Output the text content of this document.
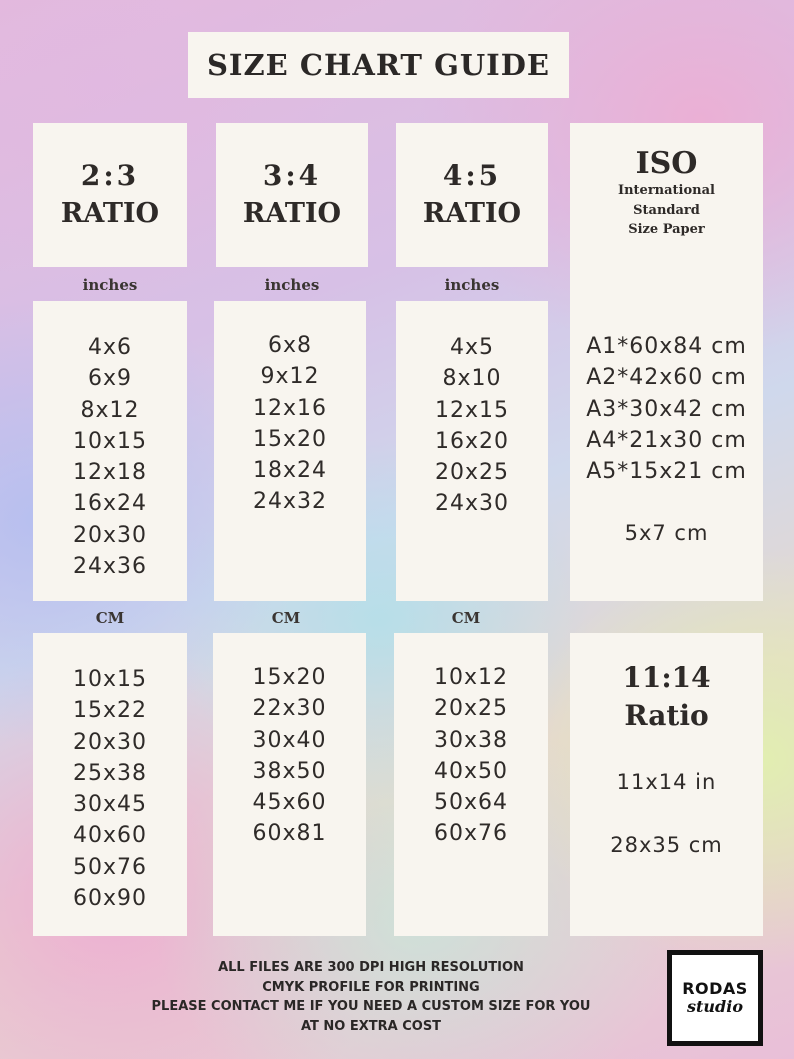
SIZE CHART GUIDE
2:3
RATIO
inches
4x6
6x9
8x12
10x15
12x18
16x24
20x30
24x36
CM
10x15
15x22
20x30
25x38
30x45
40x60
50x76
60x90
3:4
RATIO
inches
6x8
9x12
12x16
15x20
18x24
24x32
CM
15x20
22x30
30x40
38x50
45x60
60x81
4:5
RATIO
inches
4x5
8x10
12x15
16x20
20x25
24x30
CM
10x12
20x25
30x38
40x50
50x64
60x76
ISO
International
Standard
Size Paper
A1*60x84 cm
A2*42x60 cm
A3*30x42 cm
A4*21x30 cm
A5*15x21 cm
5x7 cm
11:14
Ratio
11x14 in
28x35 cm
ALL FILES ARE 300 DPI HIGH RESOLUTION
CMYK PROFILE FOR PRINTING
PLEASE CONTACT ME IF YOU NEED A CUSTOM SIZE FOR YOU
AT NO EXTRA COST
RODAS
studio
